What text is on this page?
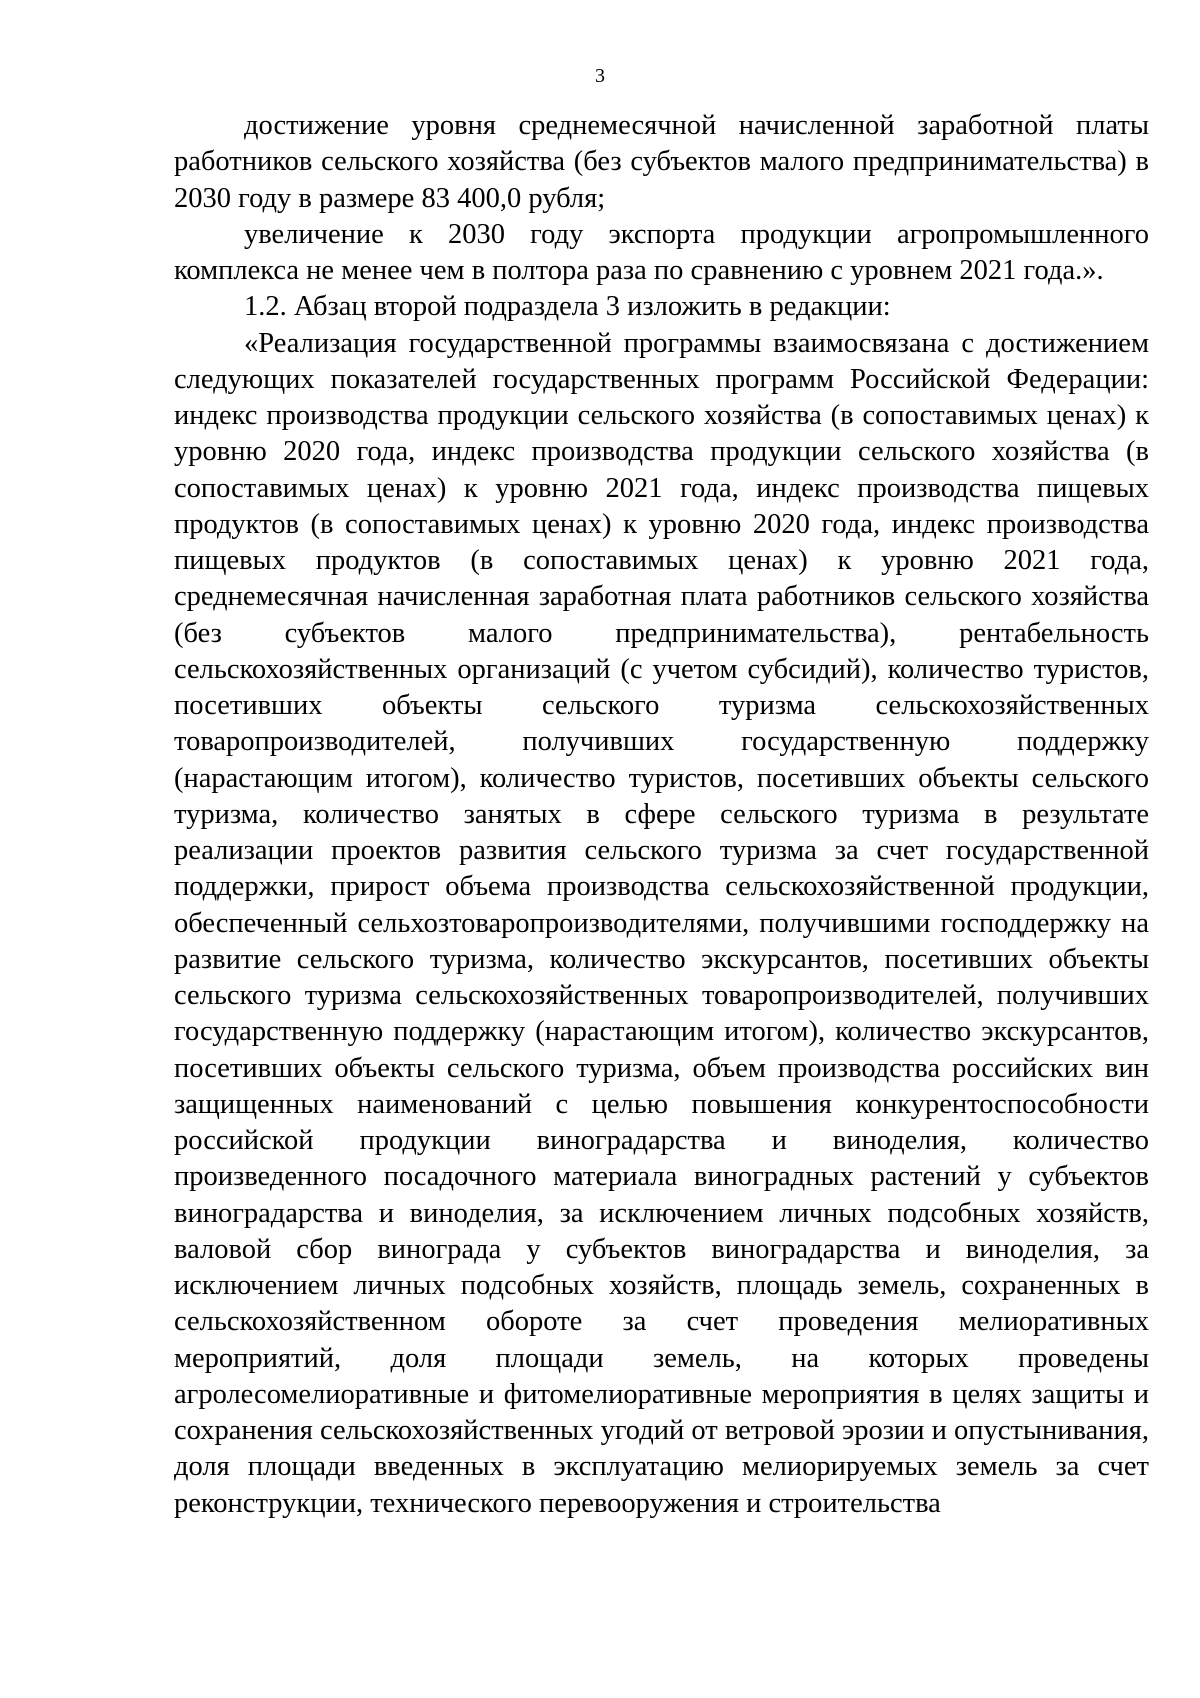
3

достижение уровня среднемесячной начисленной заработной платы работников сельского хозяйства (без субъектов малого предпринимательства) в 2030 году в размере 83 400,0 рубля;

увеличение к 2030 году экспорта продукции агропромышленного комплекса не менее чем в полтора раза по сравнению с уровнем 2021 года.».

1.2. Абзац второй подраздела 3 изложить в редакции:

«Реализация государственной программы взаимосвязана с достижением следующих показателей государственных программ Российской Федерации: индекс производства продукции сельского хозяйства (в сопоставимых ценах) к уровню 2020 года, индекс производства продукции сельского хозяйства (в сопоставимых ценах) к уровню 2021 года, индекс производства пищевых продуктов (в сопоставимых ценах) к уровню 2020 года, индекс производства пищевых продуктов (в сопоставимых ценах) к уровню 2021 года, среднемесячная начисленная заработная плата работников сельского хозяйства (без субъектов малого предпринимательства), рентабельность сельскохозяйственных организаций (с учетом субсидий), количество туристов, посетивших объекты сельского туризма сельскохозяйственных товаропроизводителей, получивших государственную поддержку (нарастающим итогом), количество туристов, посетивших объекты сельского туризма, количество занятых в сфере сельского туризма в результате реализации проектов развития сельского туризма за счет государственной поддержки, прирост объема производства сельскохозяйственной продукции, обеспеченный сельхозтоваропроизводителями, получившими господдержку на развитие сельского туризма, количество экскурсантов, посетивших объекты сельского туризма сельскохозяйственных товаропроизводителей, получивших государственную поддержку (нарастающим итогом), количество экскурсантов, посетивших объекты сельского туризма, объем производства российских вин защищенных наименований с целью повышения конкурентоспособности российской продукции виноградарства и виноделия, количество произведенного посадочного материала виноградных растений у субъектов виноградарства и виноделия, за исключением личных подсобных хозяйств, валовой сбор винограда у субъектов виноградарства и виноделия, за исключением личных подсобных хозяйств, площадь земель, сохраненных в сельскохозяйственном обороте за счет проведения мелиоративных мероприятий, доля площади земель, на которых проведены агролесомелиоративные и фитомелиоративные мероприятия в целях защиты и сохранения сельскохозяйственных угодий от ветровой эрозии и опустынивания, доля площади введенных в эксплуатацию мелиорируемых земель за счет реконструкции, технического перевооружения и строительства
